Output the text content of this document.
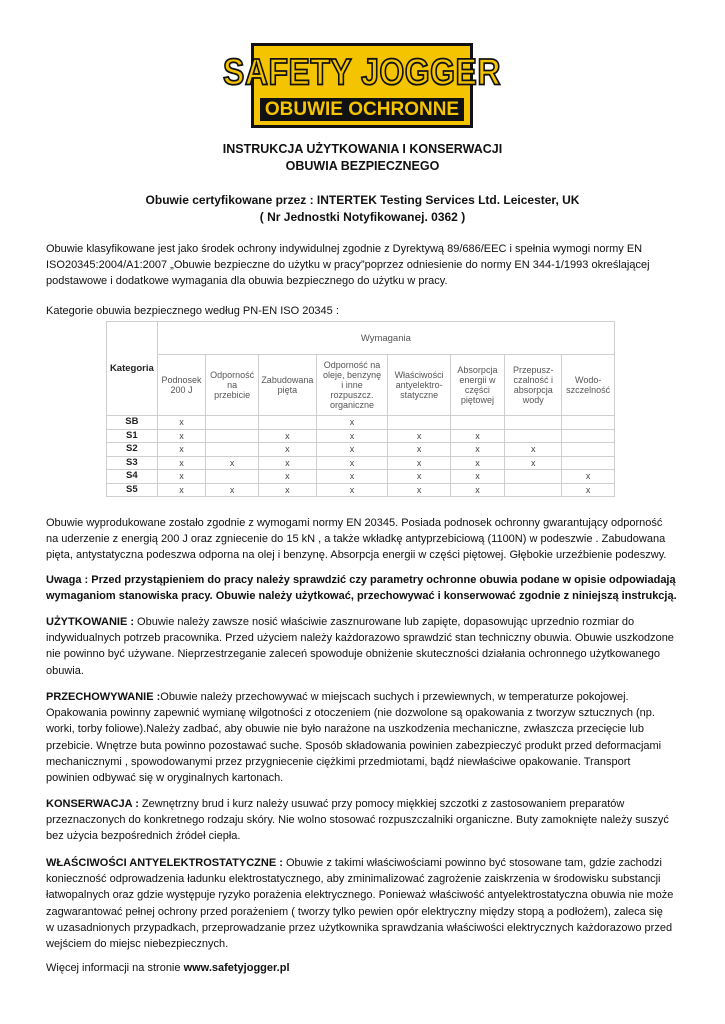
SAFETY JOGGER
OBUWIE OCHRONNE
INSTRUKCJA UŻYTKOWANIA I KONSERWACJI
OBUWIA BEZPIECZNEGO
Obuwie certyfikowane przez : INTERTEK Testing Services Ltd. Leicester, UK
( Nr Jednostki Notyfikowanej. 0362 )
Obuwie klasyfikowane jest jako środek ochrony indywidulnej zgodnie z Dyrektywą 89/686/EEC i spełnia wymogi normy EN
ISO20345:2004/A1:2007 „Obuwie bezpieczne do użytku w pracy”poprzez odniesienie do normy EN 344-1/1993 określającej
podstawowe i dodatkowe wymagania dla obuwia bezpiecznego do użytku w pracy.
Kategorie obuwia bezpiecznego według PN-EN ISO 20345 :
Kategoria	Wymagania							
	Podnosek
200 J	Odporność
na
przebicie	Zabudowana
pięta	Odporność na
oleje, benzynę
i inne
rozpuszcz.
organiczne	Właściwości
antyelektro-
statyczne	Absorpcja
energii w
części
piętowej	Przepusz-
czalność i
absorpcja
wody	Wodo-
szczelność
SB	x			x				
S1	x		x	x	x	x		
S2	x		x	x	x	x	x	
S3	x	x	x	x	x	x	x	
S4	x		x	x	x	x		x
S5	x	x	x	x	x	x		x
Obuwie wyprodukowane zostało zgodnie z wymogami normy EN 20345. Posiada podnosek ochronny gwarantujący odporność
na uderzenie z energią 200 J oraz zgniecenie do 15 kN , a także wkładkę antyprzebiciową (1100N) w podeszwie . Zabudowana
pięta, antystatyczna podeszwa odporna na olej i benzynę. Absorpcja energii w części piętowej. Głębokie urzeźbienie podeszwy.
Uwaga : Przed przystąpieniem do pracy należy sprawdzić czy parametry ochronne obuwia podane w opisie odpowiadają
wymaganiom stanowiska pracy. Obuwie należy użytkować, przechowywać i konserwować zgodnie z niniejszą instrukcją.
UŻYTKOWANIE : Obuwie należy zawsze nosić właściwie zasznurowane lub zapięte, dopasowując uprzednio rozmiar do
indywidualnych potrzeb pracownika. Przed użyciem należy każdorazowo sprawdzić stan techniczny obuwia. Obuwie uszkodzone
nie powinno być używane. Nieprzestrzeganie zaleceń spowoduje obniżenie skuteczności działania ochronnego użytkowanego
obuwia.
PRZECHOWYWANIE :Obuwie należy przechowywać w miejscach suchych i przewiewnych, w temperaturze pokojowej.
Opakowania powinny zapewnić wymianę wilgotności z otoczeniem (nie dozwolone są opakowania z tworzyw sztucznych (np.
worki, torby foliowe).Należy zadbać, aby obuwie nie było narażone na uszkodzenia mechaniczne, zwłaszcza przecięcie lub
przebicie. Wnętrze buta powinno pozostawać suche. Sposób składowania powinien zabezpieczyć produkt przed deformacjami
mechanicznymi , spowodowanymi przez przygniecenie ciężkimi przedmiotami, bądź niewłaściwe opakowanie. Transport
powinien odbywać się w oryginalnych kartonach.
KONSERWACJA : Zewnętrzny brud i kurz należy usuwać przy pomocy miękkiej szczotki z zastosowaniem preparatów
przeznaczonych do konkretnego rodzaju skóry. Nie wolno stosować rozpuszczalniki organiczne. Buty zamoknięte należy suszyć
bez użycia bezpośrednich źródeł ciepła.
WŁAŚCIWOŚCI ANTYELEKTROSTATYCZNE : Obuwie z takimi właściwościami powinno być stosowane tam, gdzie zachodzi
konieczność odprowadzenia ładunku elektrostatycznego, aby zminimalizować zagrożenie zaiskrzenia w środowisku substancji
łatwopalnych oraz gdzie występuje ryzyko porażenia elektrycznego. Ponieważ właściwość antyelektrostatyczna obuwia nie może
zagwarantować pełnej ochrony przed porażeniem ( tworzy tylko pewien opór elektryczny między stopą a podłożem), zaleca się
w uzasadnionych przypadkach, przeprowadzanie przez użytkownika sprawdzania właściwości elektrycznych każdorazowo przed
wejściem do miejsc niebezpiecznych.
Więcej informacji na stronie www.safetyjogger.pl
